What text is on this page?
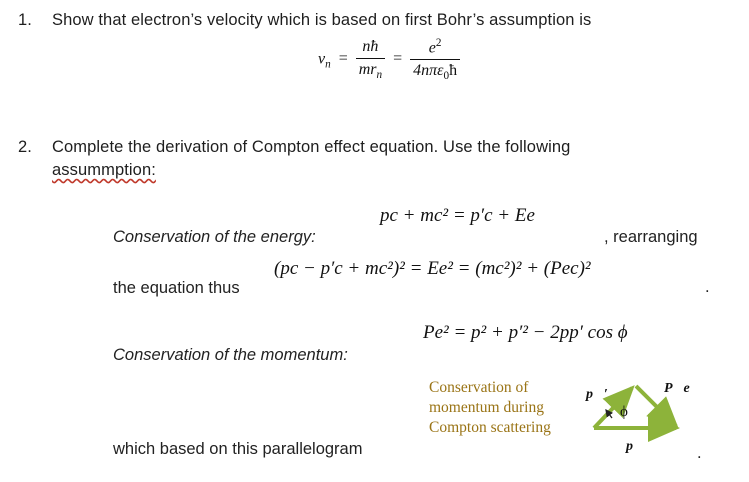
1. Show that electron’s velocity which is based on first Bohr’s assumption is
$v_n = \frac{nħ}{mr_n} = \frac{e^2}{4n\pi\varepsilon_0ħ}$
2. Complete the derivation of Compton effect equation. Use the following
assummption:
pc + mc² = p′c + Ee
Conservation of the energy:	, rearranging
(pc − p′c + mc²)² = Ee² = (mc²)² + (Pec)²
the equation thus	.
Pe² = p² + p′² − 2pp′ cos ϕ
Conservation of the momentum:
Conservation of
momentum during
Compton scattering
ϕ
p⃗′	P⃗e
p⃗
which based on this parallelogram	.
